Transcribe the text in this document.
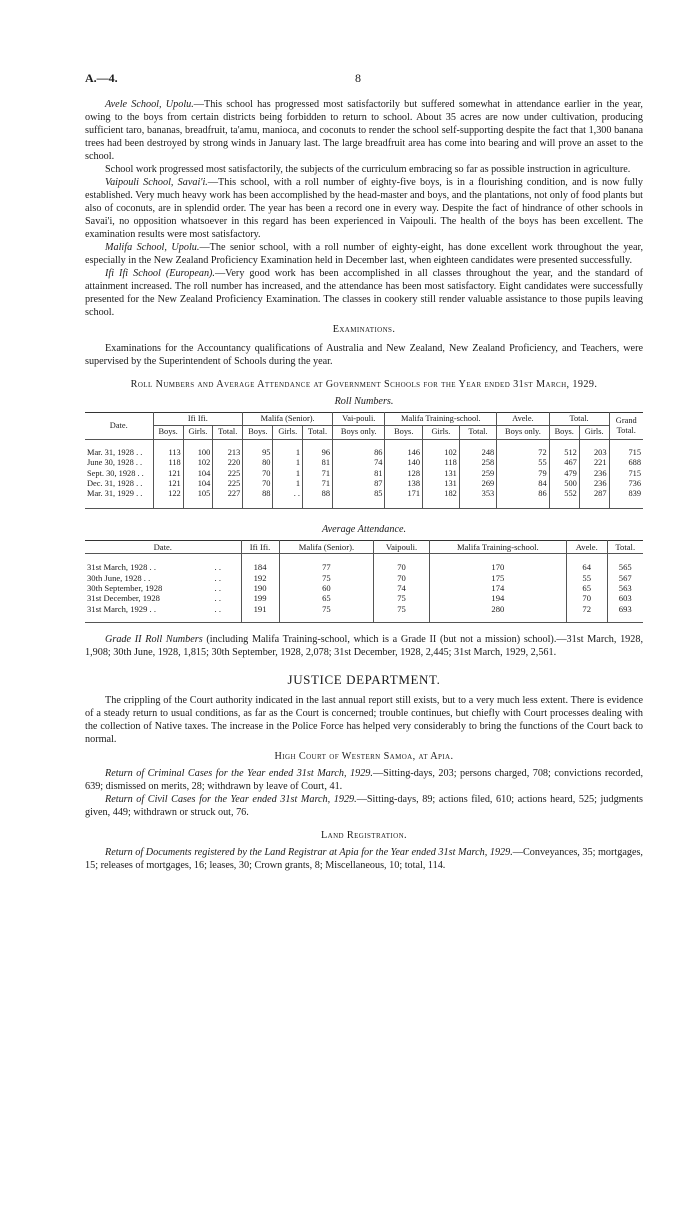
A.—4.	8

Avele School, Upolu.—This school has progressed most satisfactorily but suffered somewhat in attendance earlier in the year, owing to the boys from certain districts being forbidden to return to school. About 35 acres are now under cultivation, producing sufficient taro, bananas, breadfruit, ta'amu, manioca, and coconuts to render the school self-supporting despite the fact that 1,300 banana trees had been destroyed by strong winds in January last. The large breadfruit area has come into bearing and will prove an asset to the school.

School work progressed most satisfactorily, the subjects of the curriculum embracing so far as possible instruction in agriculture.

Vaipouli School, Savai'i.—This school, with a roll number of eighty-five boys, is in a flourishing condition, and is now fully established. Very much heavy work has been accomplished by the head-master and boys, and the plantations, not only of food plants but also of coconuts, are in splendid order. The year has been a record one in every way. Despite the fact of hindrance of other schools in Savai'i, no opposition whatsoever in this regard has been experienced in Vaipouli. The health of the boys has been excellent. The examination results were most satisfactory.

Malifa School, Upolu.—The senior school, with a roll number of eighty-eight, has done excellent work throughout the year, especially in the New Zealand Proficiency Examination held in December last, when eighteen candidates were presented successfully.

Ifi Ifi School (European).—Very good work has been accomplished in all classes throughout the year, and the standard of attainment increased. The roll number has increased, and the attendance has been most satisfactory. Eight candidates were successfully presented for the New Zealand Proficiency Examination. The classes in cookery still render valuable assistance to those pupils leaving school.

Examinations.

Examinations for the Accountancy qualifications of Australia and New Zealand, New Zealand Proficiency, and Teachers, were supervised by the Superintendent of Schools during the year.

Roll Numbers and Average Attendance at Government Schools for the Year ended 31st March, 1929.
Roll Numbers.
Date.	Ifi Ifi.			Malifa (Senior).			Vai-pouli.	Malifa Training-school.			Avele.	Total.		Grand Total.
	Boys.	Girls.	Total.	Boys.	Girls.	Total.	Boys only.	Boys.	Girls.	Total.	Boys only.	Boys.	Girls.	

Mar. 31, 1928 . .	113	100	213	95	1	96	86	146	102	248	72	512	203	715
June 30, 1928 . .	118	102	220	80	1	81	74	140	118	258	55	467	221	688
Sept. 30, 1928 . .	121	104	225	70	1	71	81	128	131	259	79	479	236	715
Dec. 31, 1928 . .	121	104	225	70	1	71	87	138	131	269	84	500	236	736
Mar. 31, 1929 . .	122	105	227	88	. .	88	85	171	182	353	86	552	287	839

Average Attendance.
Date.		Ifi Ifi.	Malifa (Senior).	Vaipouli.	Malifa Training-school.	Avele.	Total.

31st March, 1928 . .	. .	184	77	70	170	64	565
30th June, 1928 . .	. .	192	75	70	175	55	567
30th September, 1928	. .	190	60	74	174	65	563
31st December, 1928	. .	199	65	75	194	70	603
31st March, 1929 . .	. .	191	75	75	280	72	693

Grade II Roll Numbers (including Malifa Training-school, which is a Grade II (but not a mission) school).—31st March, 1928, 1,908; 30th June, 1928, 1,815; 30th September, 1928, 2,078; 31st December, 1928, 2,445; 31st March, 1929, 2,561.

JUSTICE DEPARTMENT.

The crippling of the Court authority indicated in the last annual report still exists, but to a very much less extent. There is evidence of a steady return to usual conditions, as far as the Court is concerned; trouble continues, but chiefly with Court processes dealing with the collection of Native taxes. The increase in the Police Force has helped very considerably to bring the functions of the Court back to normal.

High Court of Western Samoa, at Apia.

Return of Criminal Cases for the Year ended 31st March, 1929.—Sitting-days, 203; persons charged, 708; convictions recorded, 639; dismissed on merits, 28; withdrawn by leave of Court, 41.

Return of Civil Cases for the Year ended 31st March, 1929.—Sitting-days, 89; actions filed, 610; actions heard, 525; judgments given, 449; withdrawn or struck out, 76.

Land Registration.

Return of Documents registered by the Land Registrar at Apia for the Year ended 31st March, 1929.—Conveyances, 35; mortgages, 15; releases of mortgages, 16; leases, 30; Crown grants, 8; Miscellaneous, 10; total, 114.
